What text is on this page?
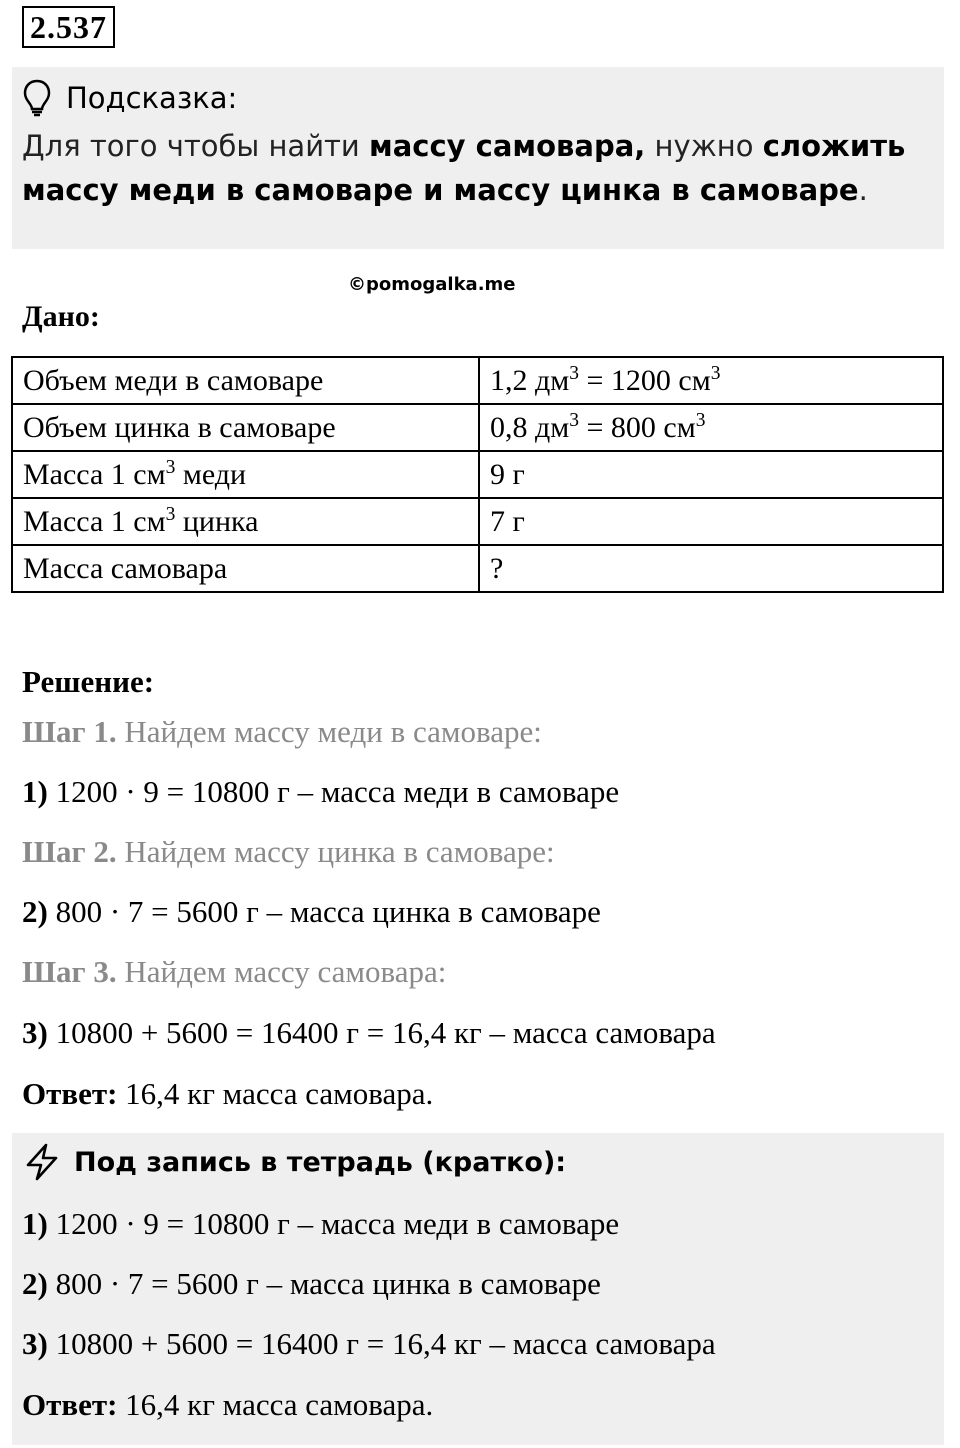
2.537
Подсказка:
Для того чтобы найти массу самовара, нужно сложить массу меди в самоваре и массу цинка в самоваре.
©pomogalka.me
Дано:
Объем меди в самоваре	1,2 $дм^3 = 1200$ $см^3$
Объем цинка в самоваре	0,8 $дм^3 = 800$ $см^3$
Масса 1 $см^3$ меди	9 г
Масса 1 $см^3$ цинка	7 г
Масса самовара	?
Решение:
Шаг 1. Найдем массу меди в самоваре:
1) 1200 · 9 = 10800 г – масса меди в самоваре
Шаг 2. Найдем массу цинка в самоваре:
2) 800 · 7 = 5600 г – масса цинка в самоваре
Шаг 3. Найдем массу самовара:
3) 10800 + 5600 = 16400 г = 16,4 кг – масса самовара
Ответ: 16,4 кг масса самовара.
Под запись в тетрадь (кратко):
1) 1200 · 9 = 10800 г – масса меди в самоваре
2) 800 · 7 = 5600 г – масса цинка в самоваре
3) 10800 + 5600 = 16400 г = 16,4 кг – масса самовара
Ответ: 16,4 кг масса самовара.
